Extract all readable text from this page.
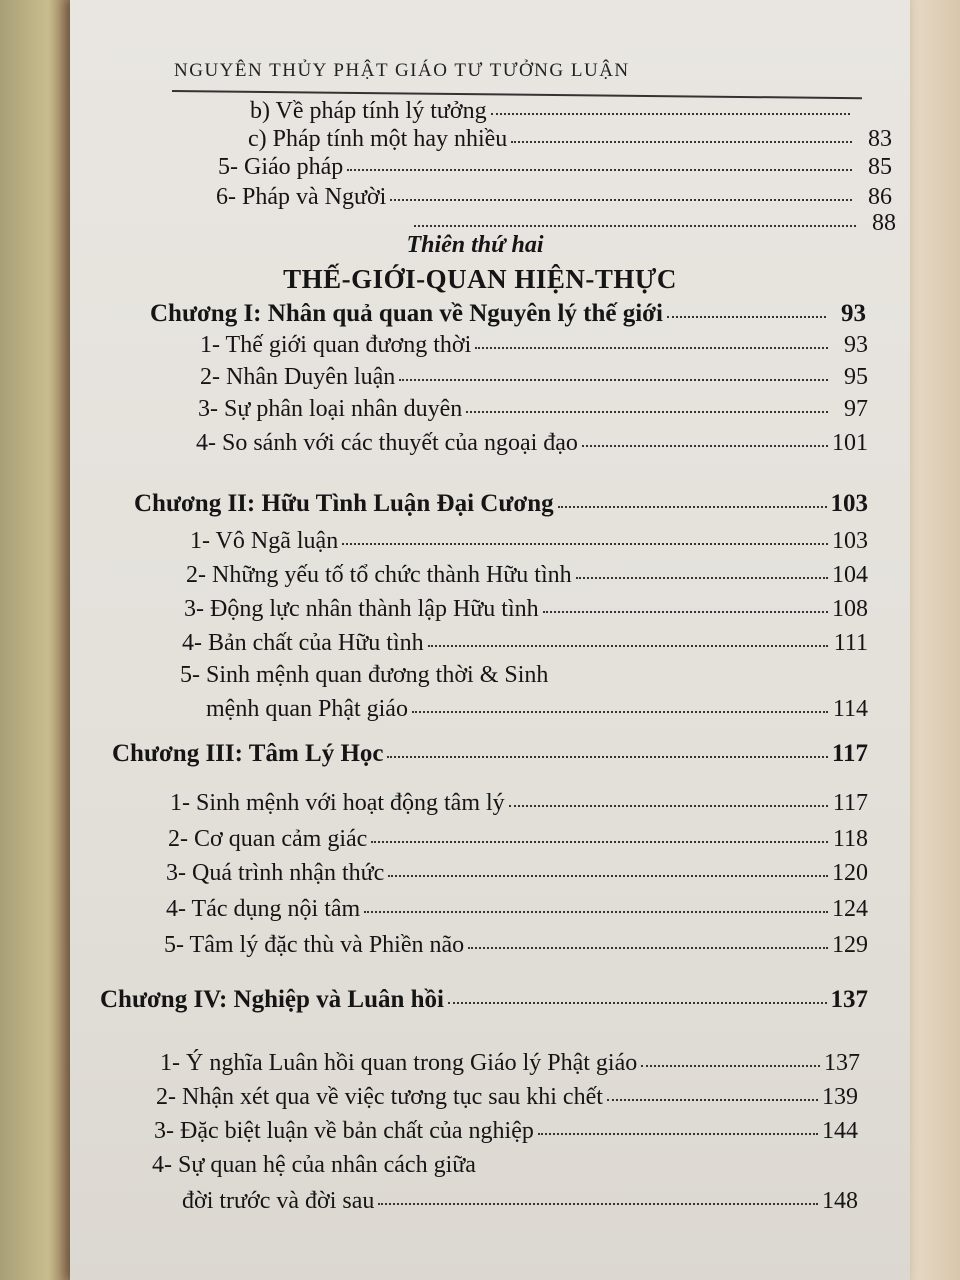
NGUYÊN THỦY PHẬT GIÁO TƯ TƯỞNG LUẬN
b) Về pháp tính lý tưởng
c) Pháp tính một hay nhiều	83
5- Giáo pháp	85
6- Pháp và Người	86
88
Thiên thứ hai
THẾ-GIỚI-QUAN HIỆN-THỰC
Chương I: Nhân quả quan về Nguyên lý thế giới	93
1- Thế giới quan đương thời	93
2- Nhân Duyên luận	95
3- Sự phân loại nhân duyên	97
4- So sánh với các thuyết của ngoại đạo	101
Chương II: Hữu Tình Luận Đại Cương	103
1- Vô Ngã luận	103
2- Những yếu tố tổ chức thành Hữu tình	104
3- Động lực nhân thành lập Hữu tình	108
4- Bản chất của Hữu tình	111
5- Sinh mệnh quan đương thời & Sinh
mệnh quan Phật giáo	114
Chương III: Tâm Lý Học	117
1- Sinh mệnh với hoạt động tâm lý	117
2- Cơ quan cảm giác	118
3- Quá trình nhận thức	120
4- Tác dụng nội tâm	124
5- Tâm lý đặc thù và Phiền não	129
Chương IV: Nghiệp và Luân hồi	137
1- Ý nghĩa Luân hồi quan trong Giáo lý Phật giáo	137
2- Nhận xét qua về việc tương tục sau khi chết	139
3- Đặc biệt luận về bản chất của nghiệp	144
4- Sự quan hệ của nhân cách giữa
đời trước và đời sau	148
